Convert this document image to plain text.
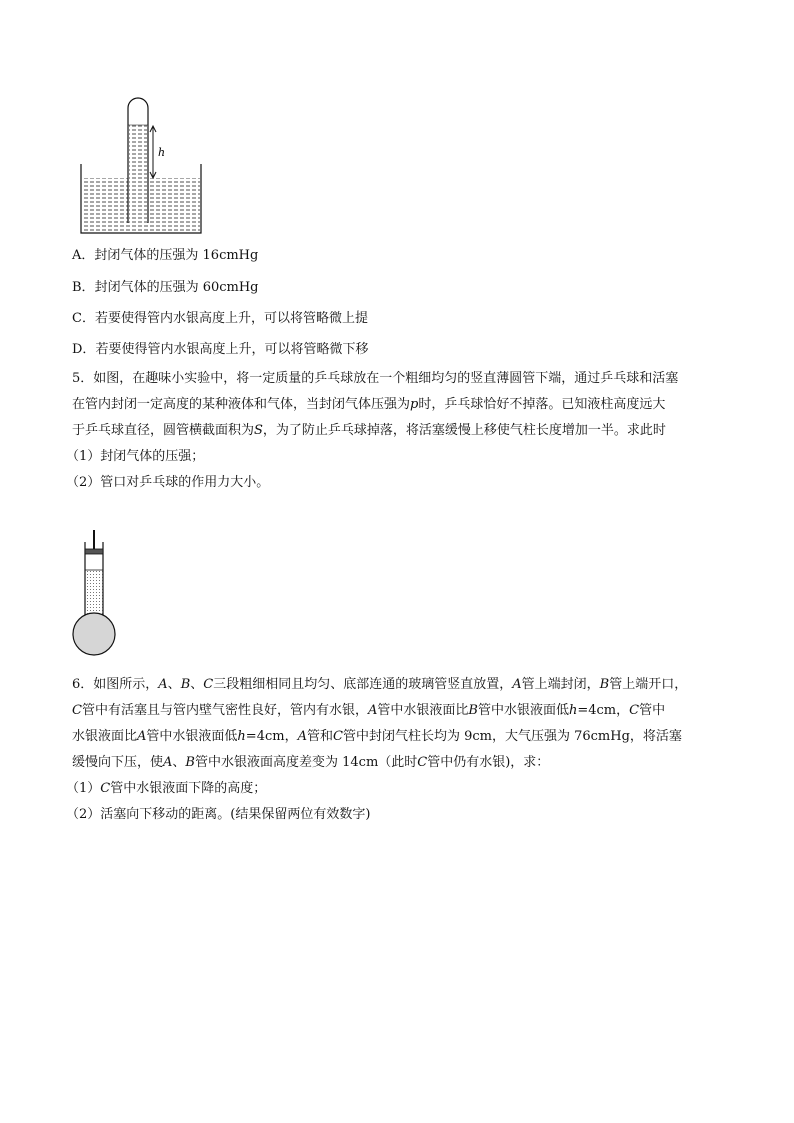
h
A．封闭气体的压强为 16cmHg
B．封闭气体的压强为 60cmHg
C．若要使得管内水银高度上升，可以将管略微上提
D．若要使得管内水银高度上升，可以将管略微下移
5．如图，在趣味小实验中，将一定质量的乒乓球放在一个粗细均匀的竖直薄圆管下端，通过乒乓球和活塞
在管内封闭一定高度的某种液体和气体，当封闭气体压强为p时，乒乓球恰好不掉落。已知液柱高度远大
于乒乓球直径，圆管横截面积为S，为了防止乒乓球掉落，将活塞缓慢上移使气柱长度增加一半。求此时
（1）封闭气体的压强；
（2）管口对乒乓球的作用力大小。
6．如图所示，A、B、C三段粗细相同且均匀、底部连通的玻璃管竖直放置，A管上端封闭，B管上端开口，
C管中有活塞且与管内壁气密性良好，管内有水银，A管中水银液面比B管中水银液面低h=4cm，C管中
水银液面比A管中水银液面低h=4cm，A管和C管中封闭气柱长均为 9cm，大气压强为 76cmHg，将活塞
缓慢向下压，使A、B管中水银液面高度差变为 14cm（此时C管中仍有水银)，求：
（1）C管中水银液面下降的高度；
（2）活塞向下移动的距离。(结果保留两位有效数字)
